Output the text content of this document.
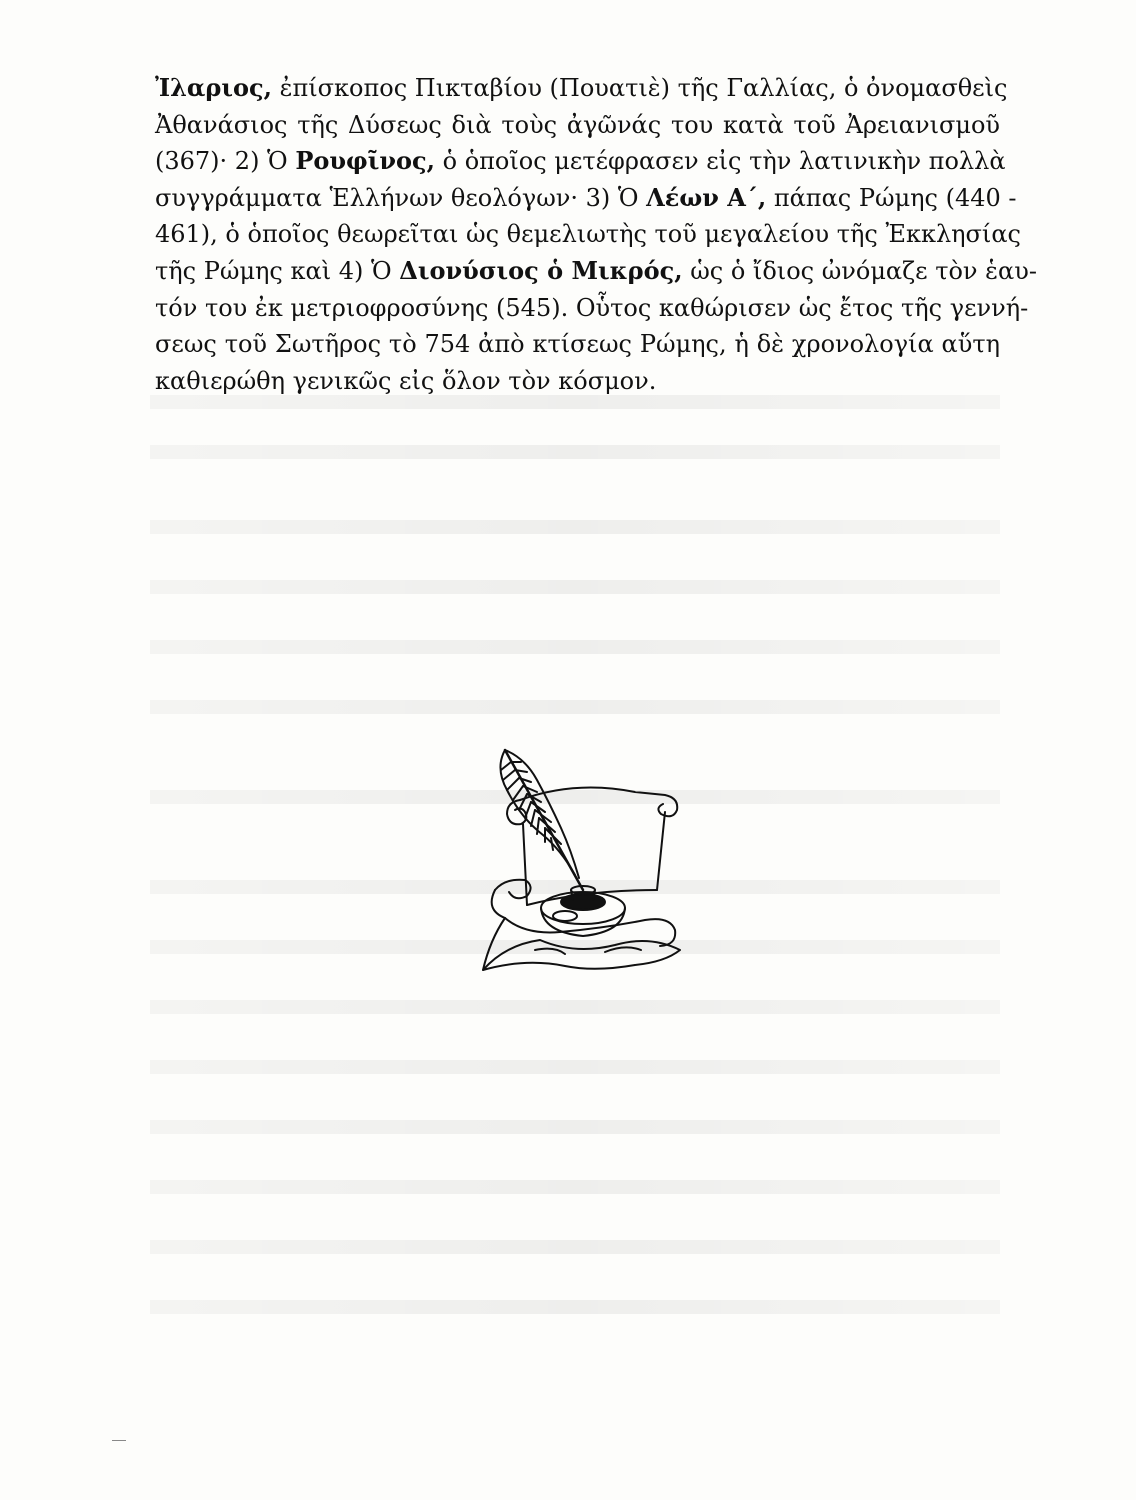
Ἰλαριος, ἐπίσκοπος Πικταβίου (Πουατιὲ) τῆς Γαλλίας, ὁ ὀνομασθεὶς
Ἀθανάσιος τῆς Δύσεως διὰ τοὺς ἀγῶνάς του κατὰ τοῦ Ἀρειανισμοῦ
(367)· 2) Ὁ Ρουφῖνος, ὁ ὁποῖος μετέφρασεν εἰς τὴν λατινικὴν πολλὰ
συγγράμματα Ἑλλήνων θεολόγων· 3) Ὁ Λέων Α΄, πάπας Ρώμης (440 -
461), ὁ ὁποῖος θεωρεῖται ὡς θεμελιωτὴς τοῦ μεγαλείου τῆς Ἐκκλησίας
τῆς Ρώμης καὶ 4) Ὁ Διονύσιος ὁ Μικρός, ὡς ὁ ἴδιος ὠνόμαζε τὸν ἑαυ-
τόν του ἐκ μετριοφροσύνης (545). Οὗτος καθώρισεν ὡς ἔτος τῆς γεννή-
σεως τοῦ Σωτῆρος τὸ 754 ἀπὸ κτίσεως Ρώμης, ἡ δὲ χρονολογία αὕτη
καθιερώθη γενικῶς εἰς ὅλον τὸν κόσμον.
